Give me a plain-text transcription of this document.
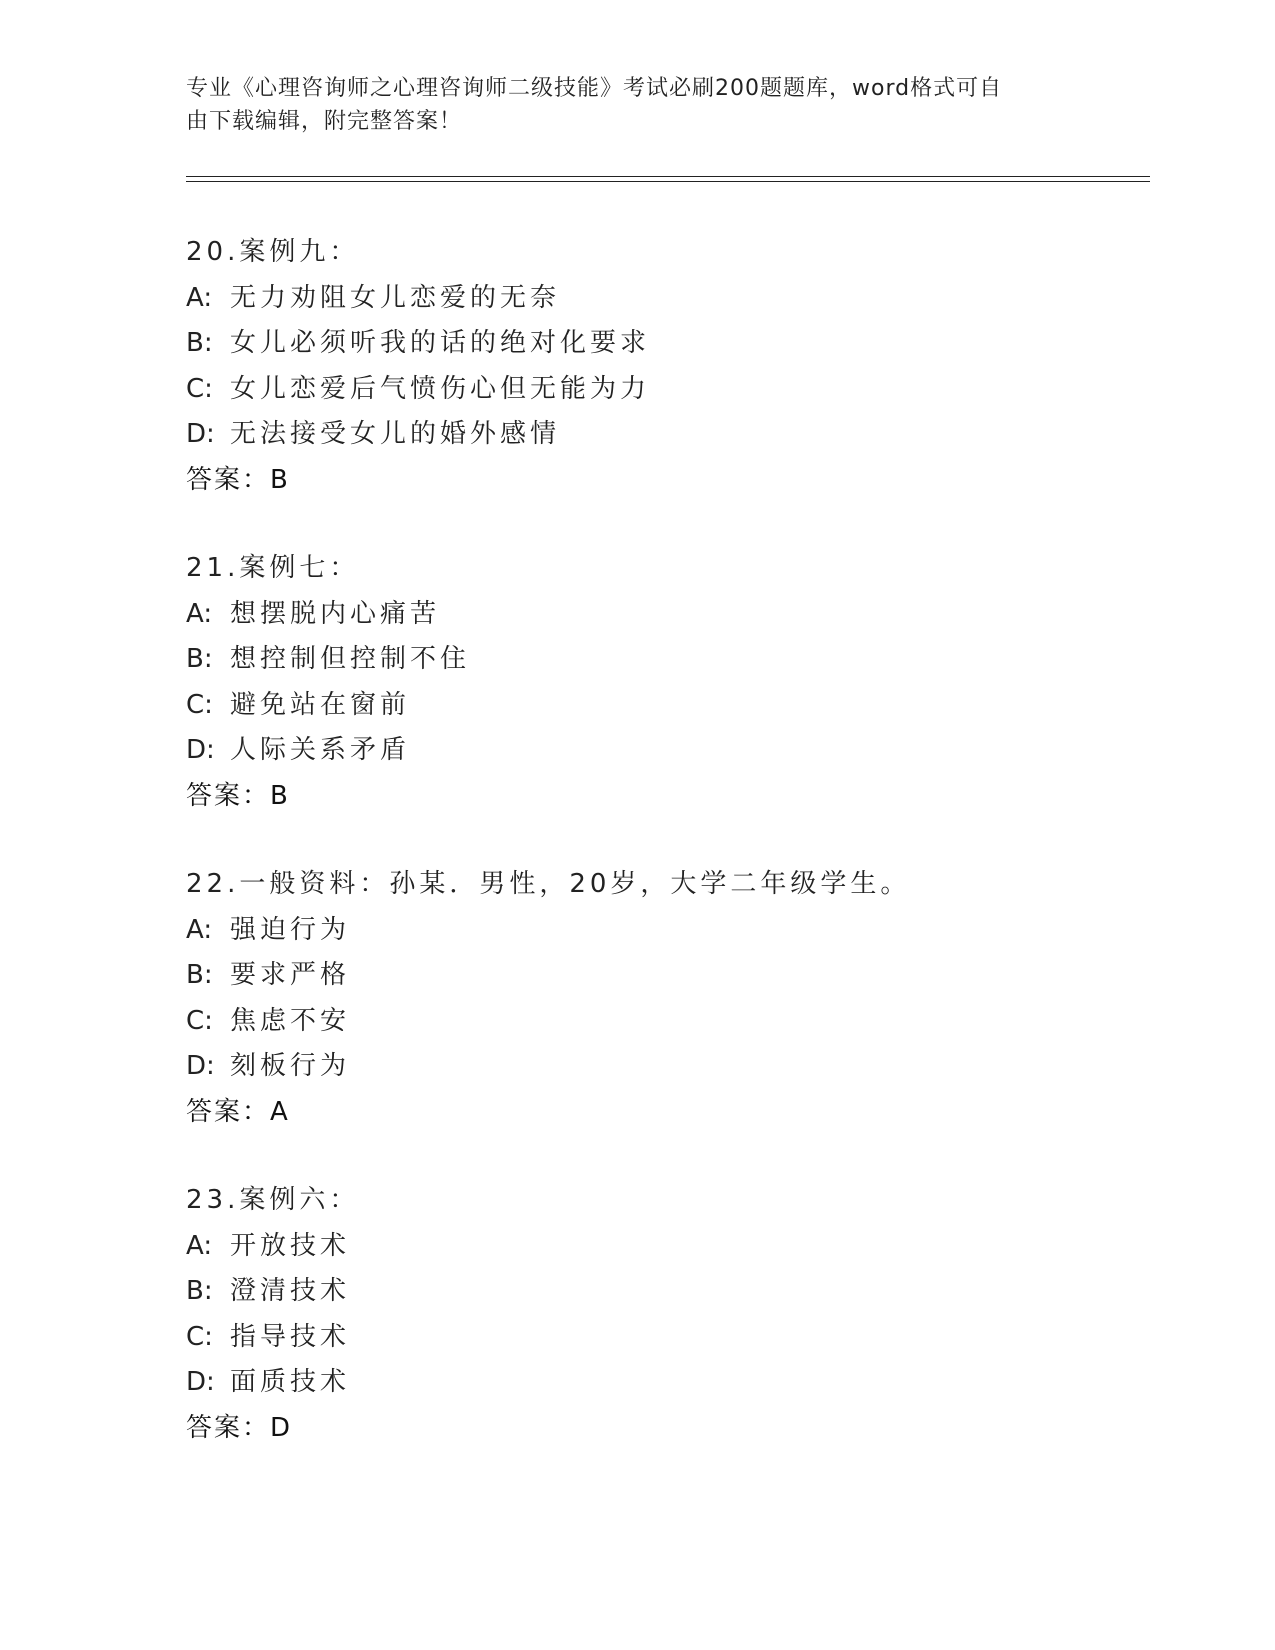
专业《心理咨询师之心理咨询师二级技能》考试必刷200题题库，word格式可自
由下载编辑，附完整答案！
20.案例九：
A: 无力劝阻女儿恋爱的无奈
B: 女儿必须听我的话的绝对化要求
C: 女儿恋爱后气愤伤心但无能为力
D: 无法接受女儿的婚外感情
答案：B
21.案例七：
A: 想摆脱内心痛苦
B: 想控制但控制不住
C: 避免站在窗前
D: 人际关系矛盾
答案：B
22.一般资料：孙某．男性，20岁，大学二年级学生。
A: 强迫行为
B: 要求严格
C: 焦虑不安
D: 刻板行为
答案：A
23.案例六：
A: 开放技术
B: 澄清技术
C: 指导技术
D: 面质技术
答案：D
